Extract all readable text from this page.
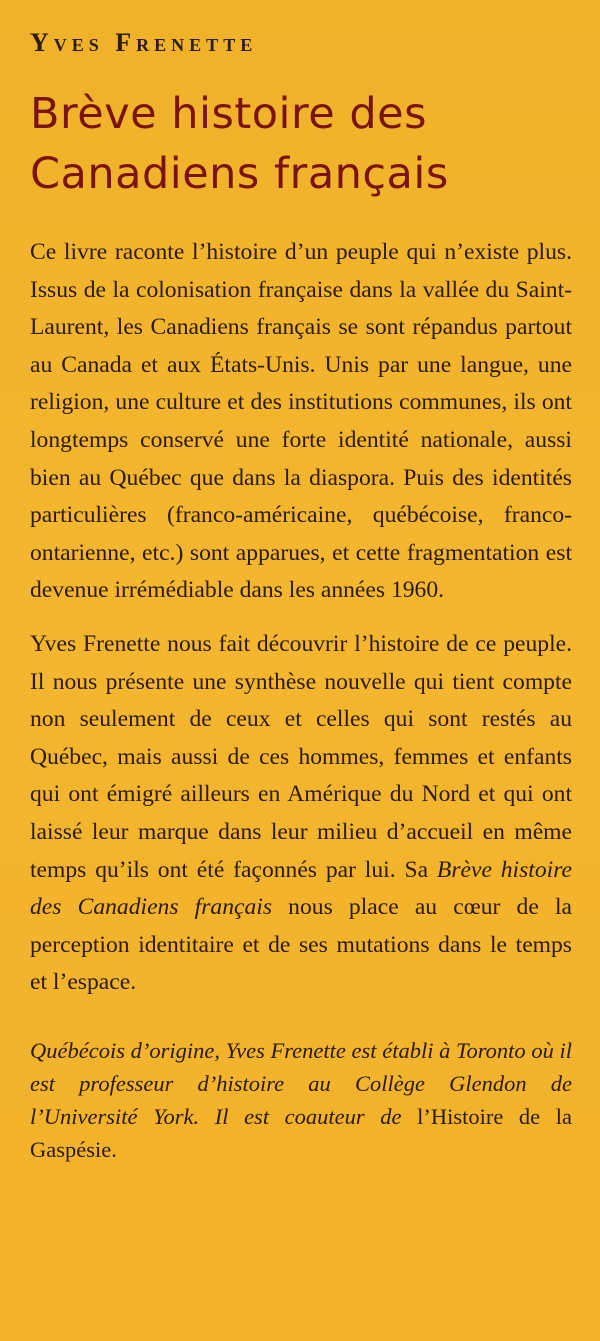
Yves Frenette
Brève histoire des
Canadiens français

Ce livre raconte l’histoire d’un peuple qui n’existe plus. Issus de la colonisation française dans la vallée du Saint-Laurent, les Canadiens français se sont répandus partout au Canada et aux États-Unis. Unis par une langue, une religion, une culture et des institutions communes, ils ont longtemps conservé une forte identité nationale, aussi bien au Québec que dans la diaspora. Puis des identités particulières (franco-américaine, québécoise, franco-ontarienne, etc.) sont apparues, et cette fragmentation est devenue irrémédiable dans les années 1960.

Yves Frenette nous fait découvrir l’histoire de ce peuple. Il nous présente une synthèse nouvelle qui tient compte non seulement de ceux et celles qui sont restés au Québec, mais aussi de ces hommes, femmes et enfants qui ont émigré ailleurs en Amérique du Nord et qui ont laissé leur marque dans leur milieu d’accueil en même temps qu’ils ont été façonnés par lui. Sa Brève histoire des Canadiens français nous place au cœur de la perception identitaire et de ses mutations dans le temps et l’espace.

Québécois d’origine, Yves Frenette est établi à Toronto où il est professeur d’histoire au Collège Glendon de l’Université York. Il est coauteur de l’Histoire de la Gaspésie.
